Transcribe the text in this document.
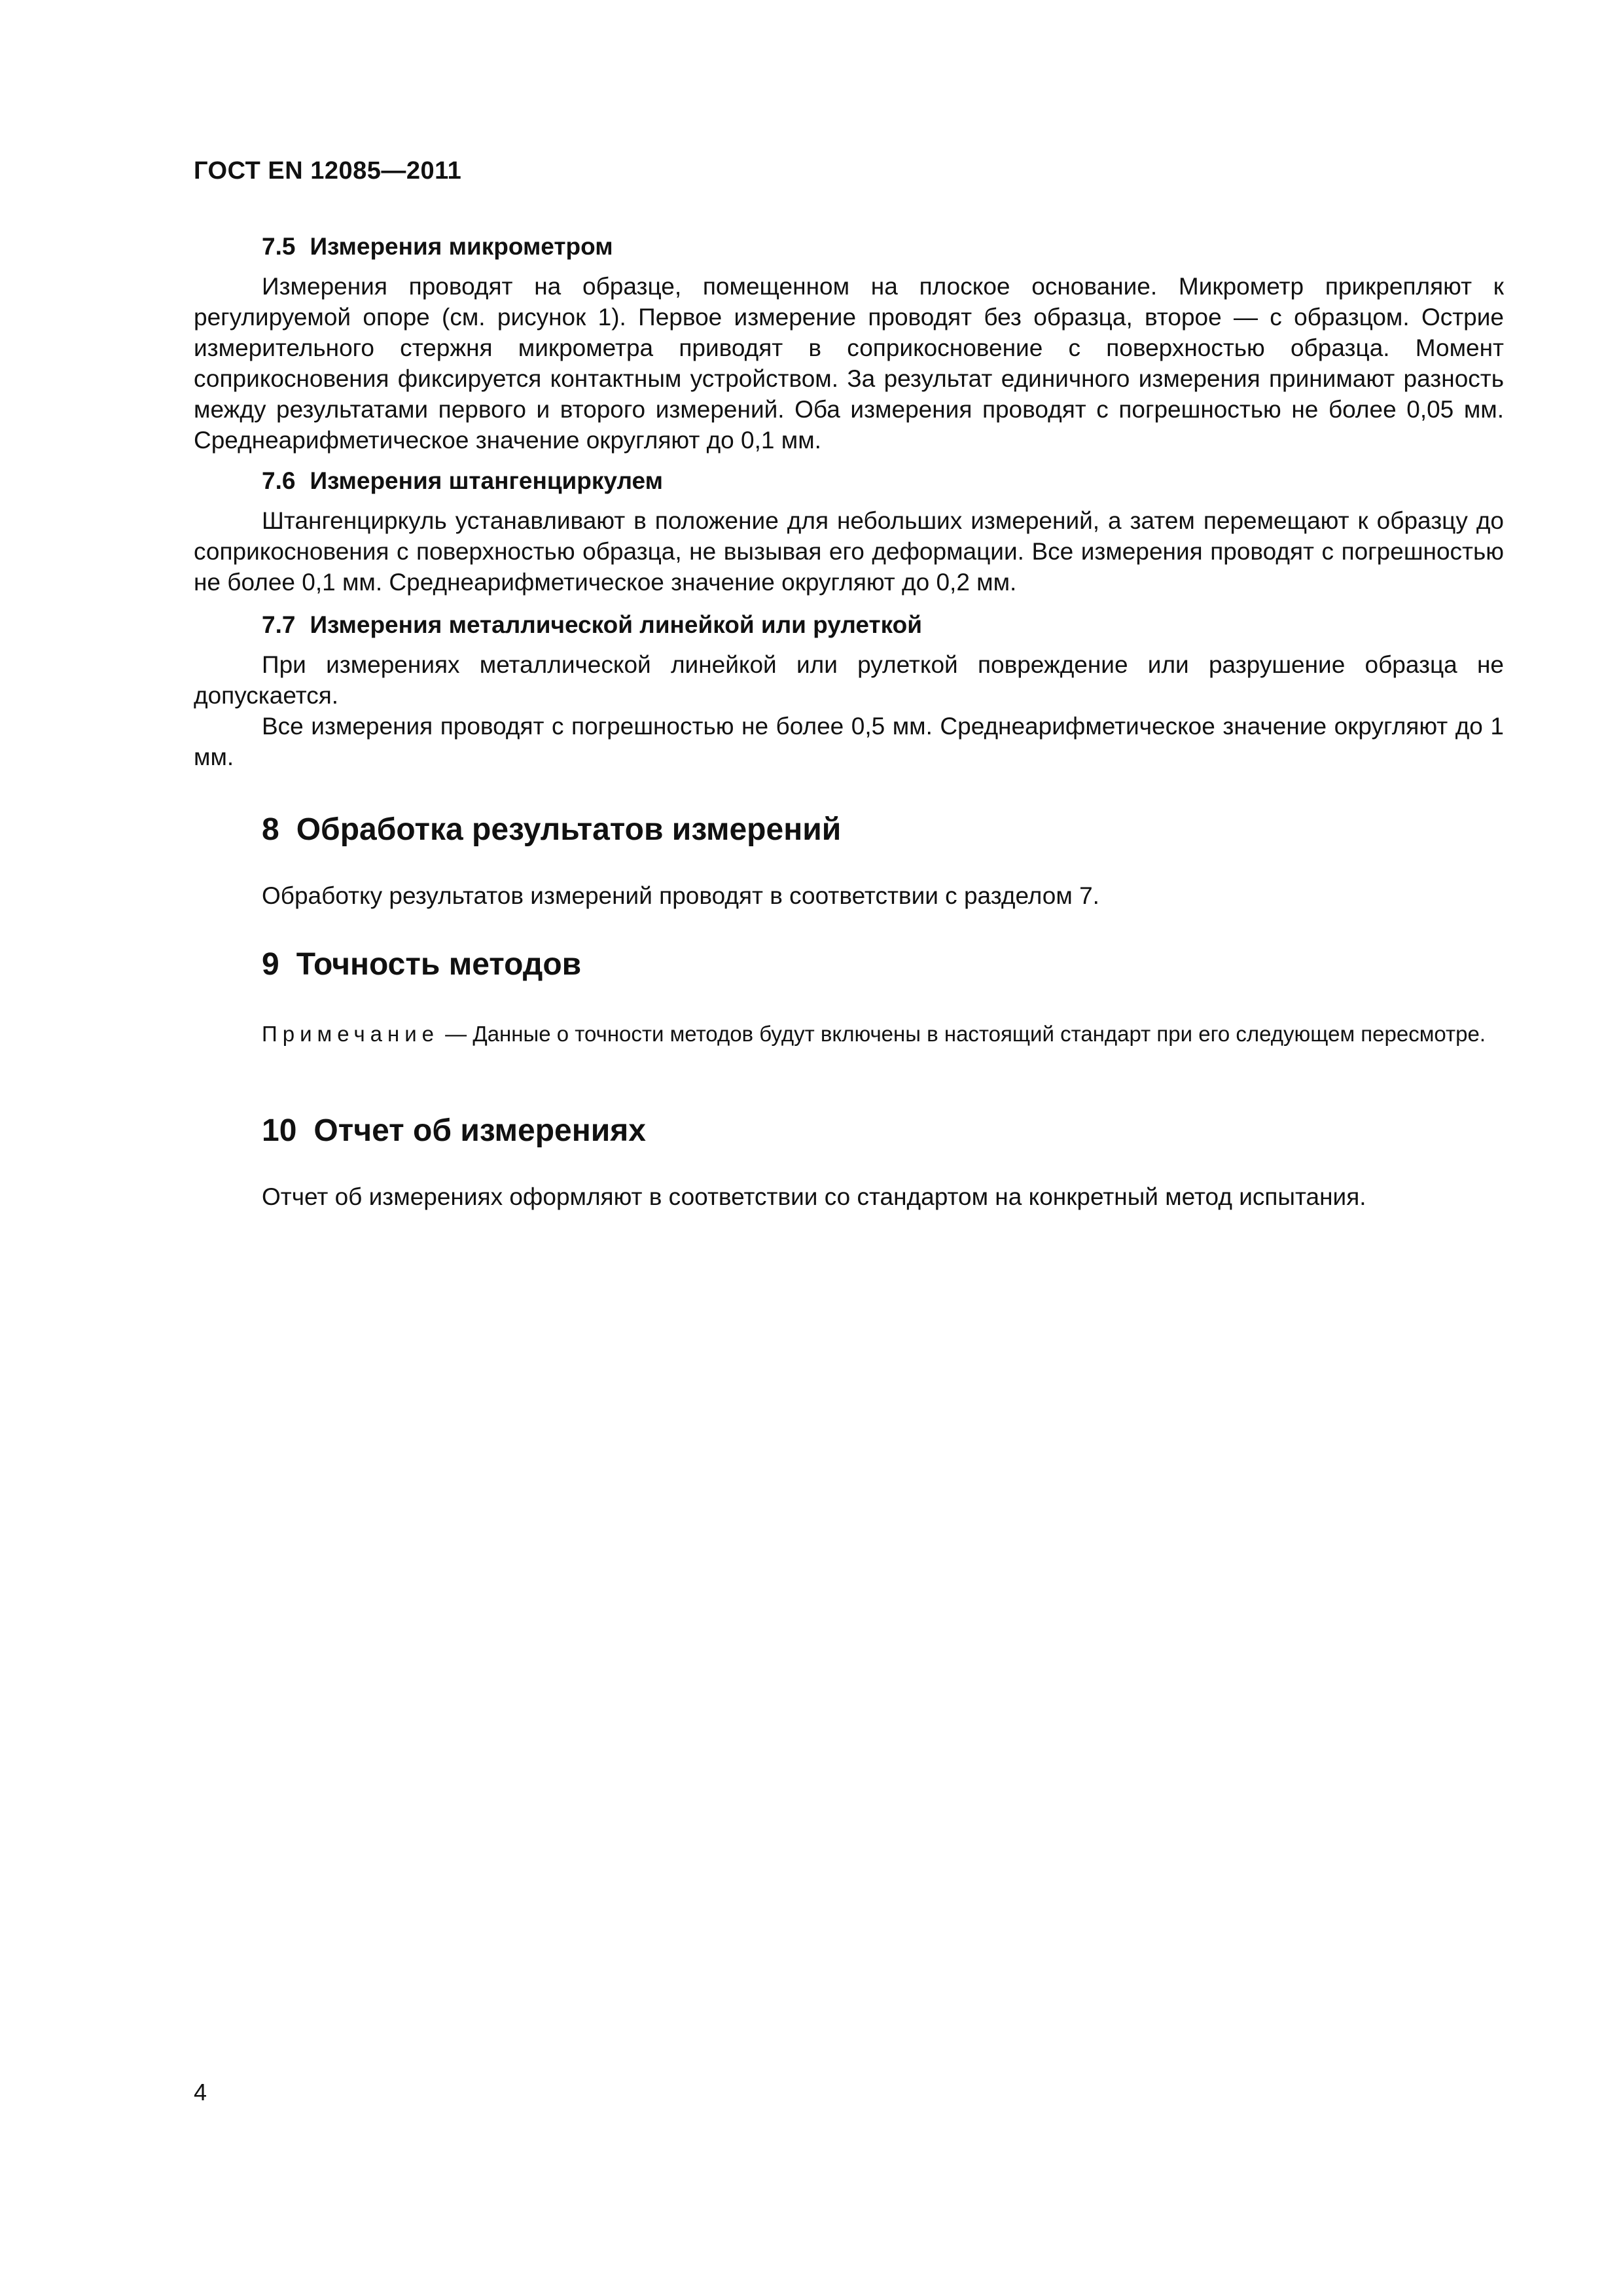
ГОСТ EN 12085—2011

7.5 Измерения микрометром

Измерения проводят на образце, помещенном на плоское основание. Микрометр прикрепляют к регулируемой опоре (см. рисунок 1). Первое измерение проводят без образца, второе — с образцом. Острие измерительного стержня микрометра приводят в соприкосновение с поверхностью образца. Момент соприкосновения фиксируется контактным устройством. За результат единичного измерения принимают разность между результатами первого и второго измерений. Оба измерения проводят с погрешностью не более 0,05 мм. Среднеарифметическое значение округляют до 0,1 мм.

7.6 Измерения штангенциркулем

Штангенциркуль устанавливают в положение для небольших измерений, а затем перемещают к образцу до соприкосновения с поверхностью образца, не вызывая его деформации. Все измерения проводят с погрешностью не более 0,1 мм. Среднеарифметическое значение округляют до 0,2 мм.

7.7 Измерения металлической линейкой или рулеткой

При измерениях металлической линейкой или рулеткой повреждение или разрушение образца не допускается.

Все измерения проводят с погрешностью не более 0,5 мм. Среднеарифметическое значение округляют до 1 мм.

8 Обработка результатов измерений

Обработку результатов измерений проводят в соответствии с разделом 7.

9 Точность методов

Примечание — Данные о точности методов будут включены в настоящий стандарт при его следующем пересмотре.

10 Отчет об измерениях

Отчет об измерениях оформляют в соответствии со стандартом на конкретный метод испытания.

4
